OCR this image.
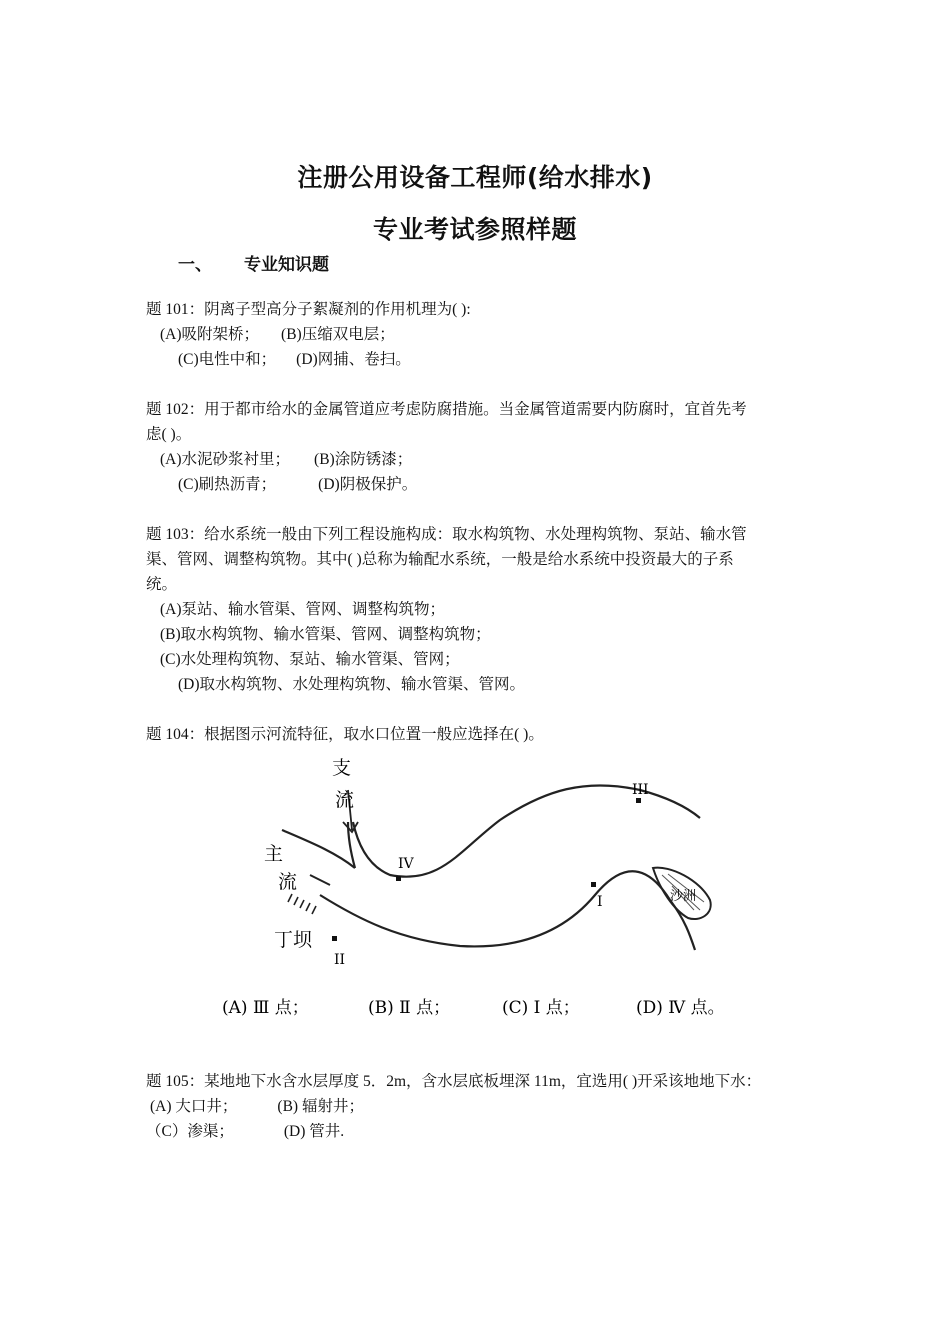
注册公用设备工程师(给水排水)
专业考试参照样题
一、 专业知识题
题 101：阴离子型高分子絮凝剂的作用机理为( ):
(A)吸附架桥； (B)压缩双电层；
(C)电性中和； (D)网捕、卷扫。
题 102：用于都市给水的金属管道应考虑防腐措施。当金属管道需要内防腐时，宜首先考
虑( )。
(A)水泥砂浆衬里； (B)涂防锈漆；
(C)刷热沥青；	(D)阴极保护。
题 103：给水系统一般由下列工程设施构成：取水构筑物、水处理构筑物、泵站、输水管
渠、管网、调整构筑物。其中( )总称为输配水系统，一般是给水系统中投资最大的子系
统。
(A)泵站、输水管渠、管网、调整构筑物；
(B)取水构筑物、输水管渠、管网、调整构筑物；
(C)水处理构筑物、泵站、输水管渠、管网；
(D)取水构筑物、水处理构筑物、输水管渠、管网。
题 104：根据图示河流特征，取水口位置一般应选择在( )。
支
流
主
流
丁坝
沙洲
III
IV
I
II
(A) Ⅲ 点；	(B) Ⅱ 点；	(C) Ⅰ 点；	(D) Ⅳ 点。
题 105：某地地下水含水层厚度 5．2m，含水层底板埋深 11m，宜选用( )开采该地地下水：
(A) 大口井；	(B) 辐射井；
（C）渗渠；	(D) 管井.
